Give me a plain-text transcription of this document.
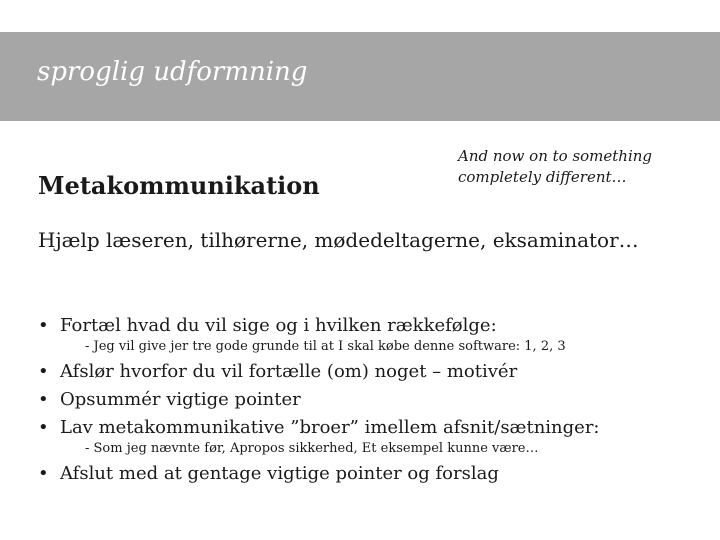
sproglig udformning
Metakommunikation
And now on to something completely different…
Hjælp læseren, tilhørerne, mødedeltagerne, eksaminator…
• Fortæl hvad du vil sige og i hvilken rækkefølge:
- Jeg vil give jer tre gode grunde til at I skal købe denne software: 1, 2, 3
• Afslør hvorfor du vil fortælle (om) noget – motivér
• Opsummér vigtige pointer
• Lav metakommunikative ”broer” imellem afsnit/sætninger:
- Som jeg nævnte før, Apropos sikkerhed, Et eksempel kunne være…
• Afslut med at gentage vigtige pointer og forslag
